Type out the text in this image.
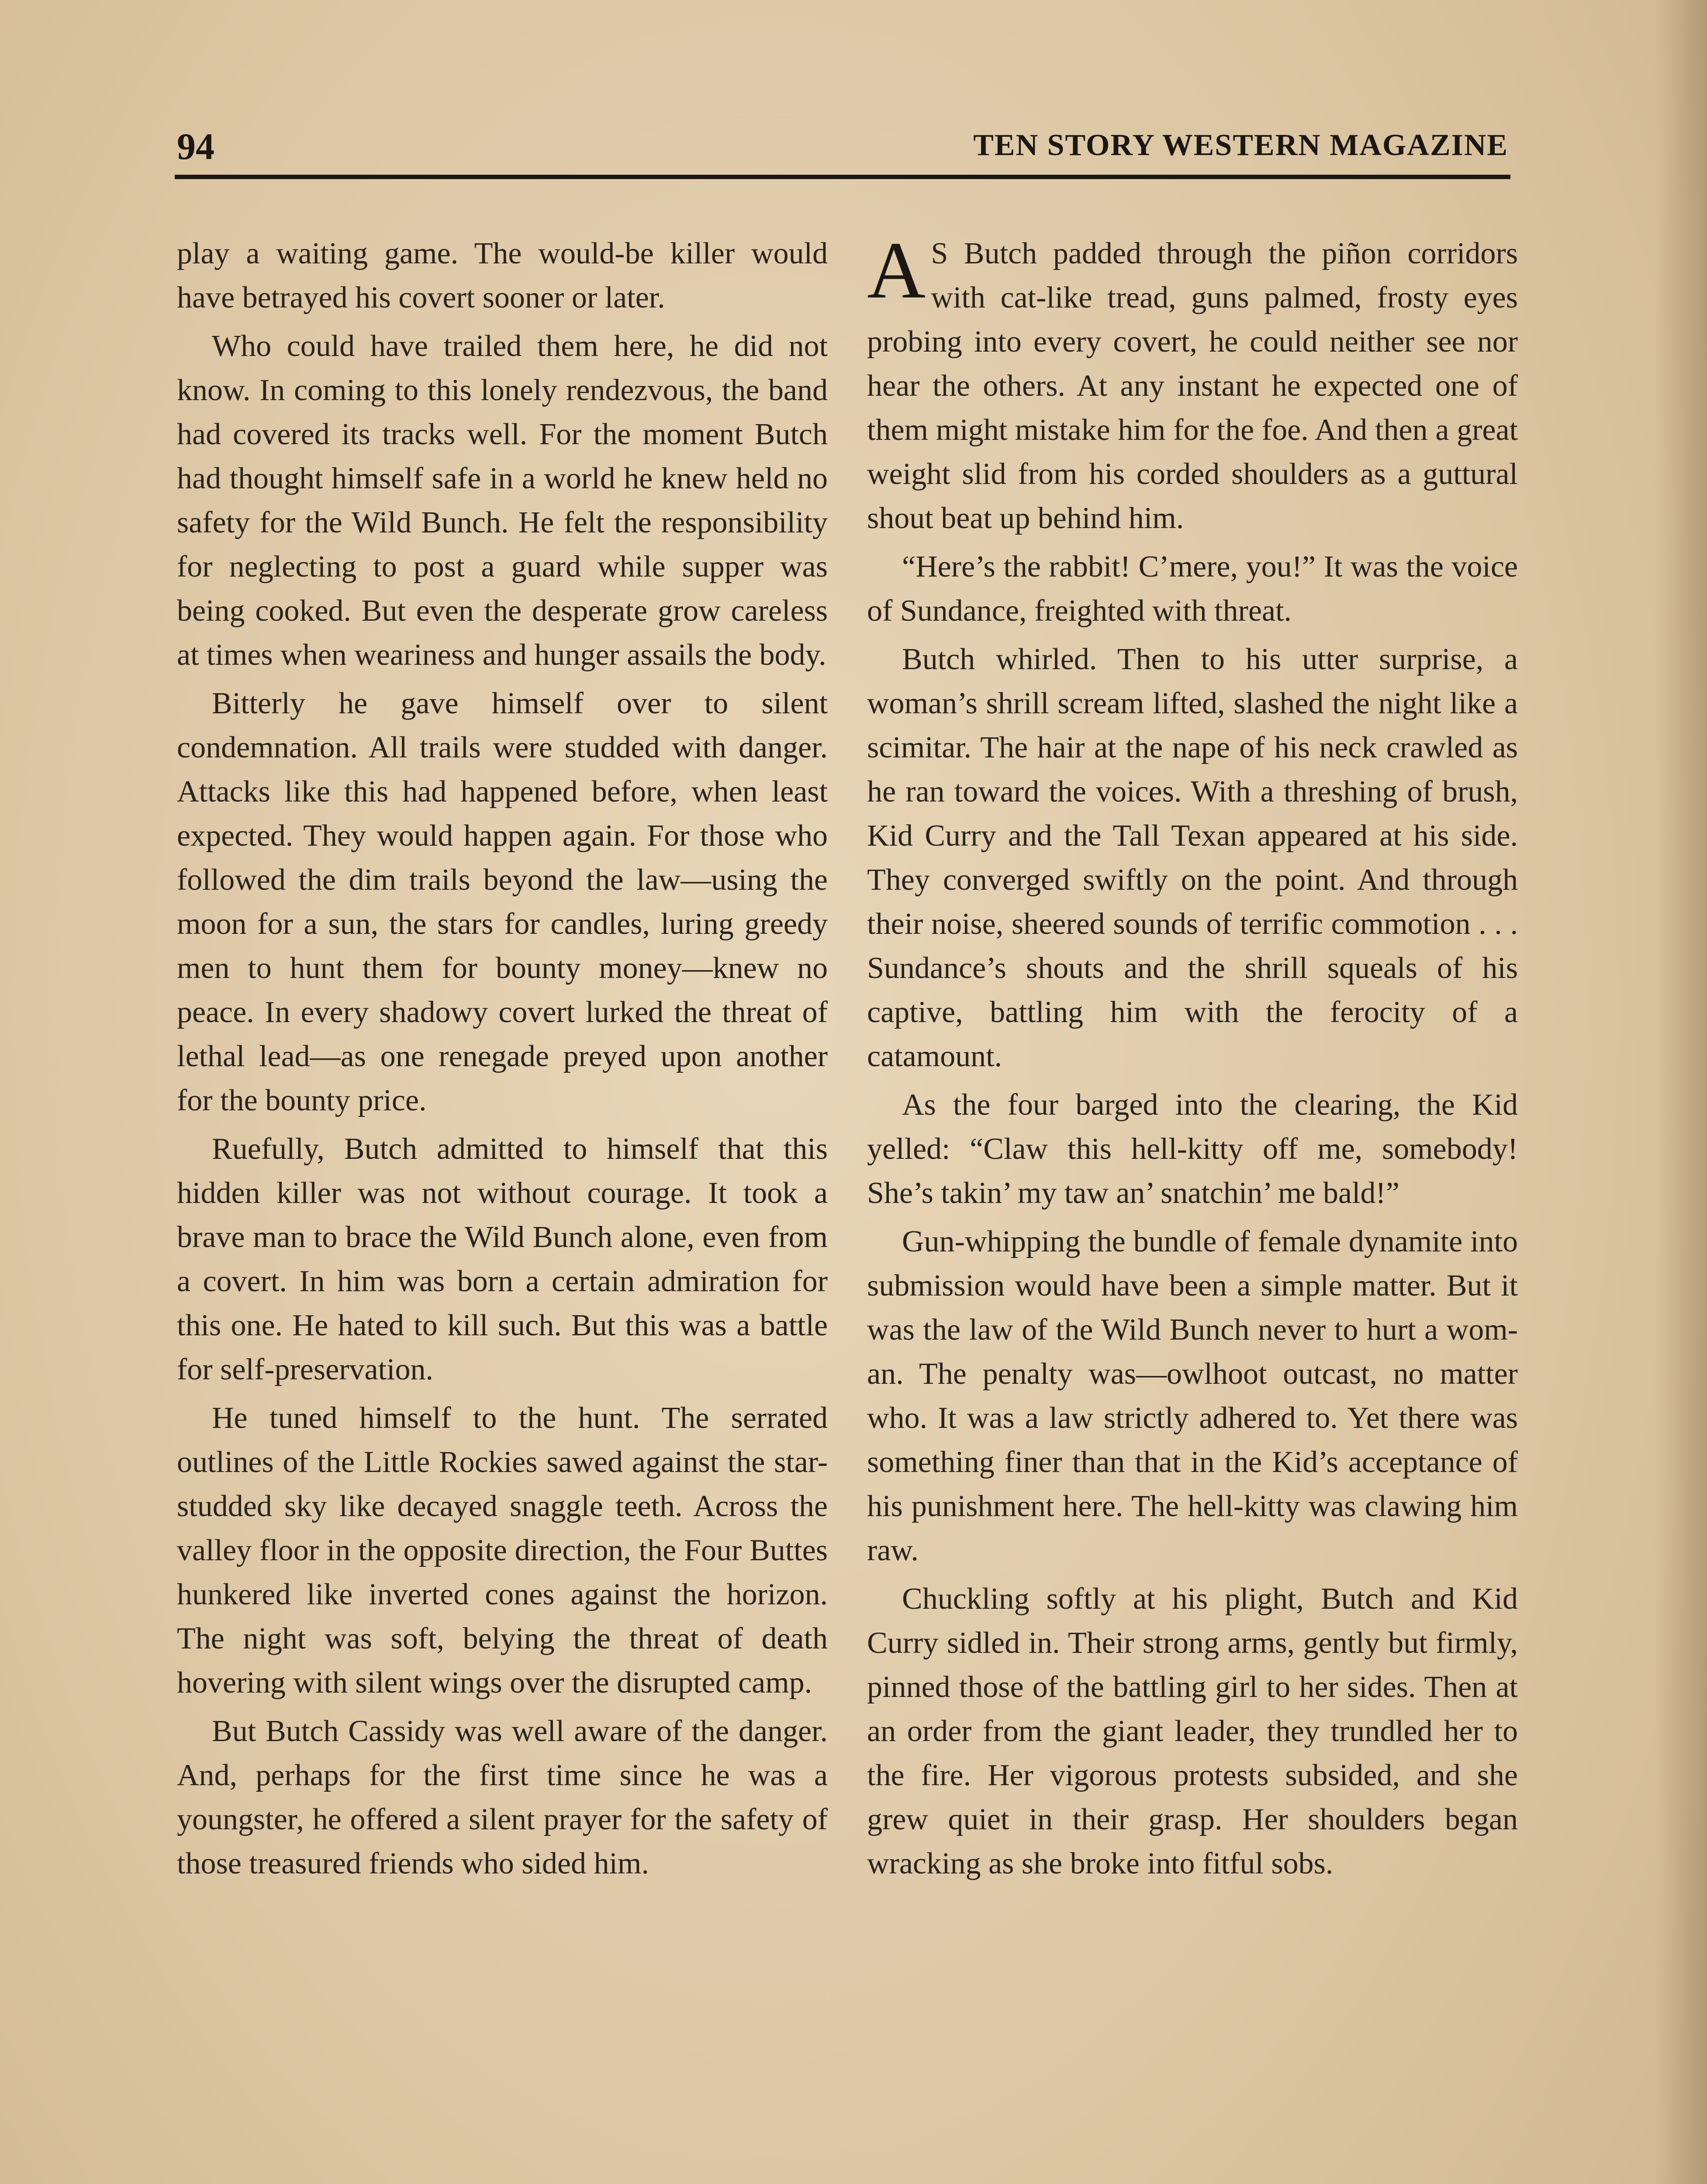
94	TEN STORY WESTERN MAGAZINE

play a waiting game. The would-be killer would have betrayed his covert sooner or later.

Who could have trailed them here, he did not know. In coming to this lonely rendezvous, the band had covered its tracks well. For the moment Butch had thought himself safe in a world he knew held no safety for the Wild Bunch. He felt the responsibility for neglecting to post a guard while supper was being cooked. But even the desperate grow careless at times when weariness and hunger assails the body.

Bitterly he gave himself over to silent condemnation. All trails were studded with danger. Attacks like this had happened before, when least expected. They would happen again. For those who followed the dim trails beyond the law—using the moon for a sun, the stars for candles, luring greedy men to hunt them for bounty money—knew no peace. In every shadowy covert lurked the threat of lethal lead—as one renegade preyed upon another for the bounty price.

Ruefully, Butch admitted to himself that this hidden killer was not without courage. It took a brave man to brace the Wild Bunch alone, even from a covert. In him was born a certain admiration for this one. He hated to kill such. But this was a battle for self-preservation.

He tuned himself to the hunt. The serrated outlines of the Little Rockies sawed against the star-studded sky like decayed snaggle teeth. Across the valley floor in the opposite direction, the Four Buttes hunkered like inverted cones against the horizon. The night was soft, belying the threat of death hovering with silent wings over the disrupted camp.

But Butch Cassidy was well aware of the danger. And, perhaps for the first time since he was a youngster, he offered a silent prayer for the safety of those treasured friends who sided him.

A S Butch padded through the piñon corridors with cat-like tread, guns palmed, frosty eyes probing into every covert, he could neither see nor hear the others. At any instant he expected one of them might mistake him for the foe. And then a great weight slid from his corded shoulders as a guttural shout beat up behind him.

“Here’s the rabbit! C’mere, you!” It was the voice of Sundance, freighted with threat.

Butch whirled. Then to his utter surprise, a woman’s shrill scream lifted, slashed the night like a scimitar. The hair at the nape of his neck crawled as he ran toward the voices. With a threshing of brush, Kid Curry and the Tall Texan appeared at his side. They converged swiftly on the point. And through their noise, sheered sounds of terrific commotion . . . Sundance’s shouts and the shrill squeals of his captive, battling him with the ferocity of a catamount.

As the four barged into the clearing, the Kid yelled: “Claw this hell-kitty off me, somebody! She’s takin’ my taw an’ snatchin’ me bald!”

Gun-whipping the bundle of female dynamite into submission would have been a simple matter. But it was the law of the Wild Bunch never to hurt a woman. The penalty was—owlhoot outcast, no matter who. It was a law strictly adhered to. Yet there was something finer than that in the Kid’s acceptance of his punishment here. The hell-kitty was clawing him raw.

Chuckling softly at his plight, Butch and Kid Curry sidled in. Their strong arms, gently but firmly, pinned those of the battling girl to her sides. Then at an order from the giant leader, they trundled her to the fire. Her vigorous protests subsided, and she grew quiet in their grasp. Her shoulders began wracking as she broke into fitful sobs.
